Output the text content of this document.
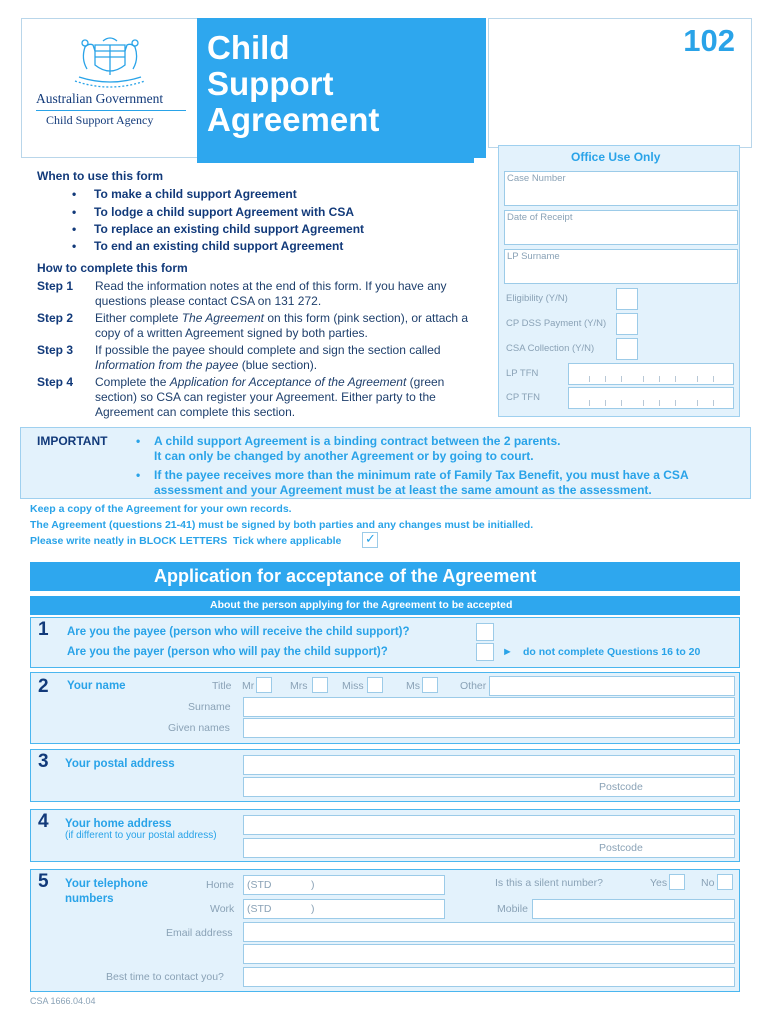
Australian Government
Child Support Agency
Child
Support
Agreement
102
Office Use Only
Case Number
Date of Receipt
LP Surname
Eligibility (Y/N)
CP DSS Payment (Y/N)
CSA Collection (Y/N)
LP TFN
CP TFN
When to use this form
• To make a child support Agreement
• To lodge a child support Agreement with CSA
• To replace an existing child support Agreement
• To end an existing child support Agreement
How to complete this form
Step 1 Read the information notes at the end of this form. If you have any questions please contact CSA on 131 272.
Step 2 Either complete The Agreement on this form (pink section), or attach a copy of a written Agreement signed by both parties.
Step 3 If possible the payee should complete and sign the section called Information from the payee (blue section).
Step 4 Complete the Application for Acceptance of the Agreement (green section) so CSA can register your Agreement. Either party to the Agreement can complete this section.
IMPORTANT • A child support Agreement is a binding contract between the 2 parents.
It can only be changed by another Agreement or by going to court.
• If the payee receives more than the minimum rate of Family Tax Benefit, you must have a CSA
assessment and your Agreement must be at least the same amount as the assessment.
Keep a copy of the Agreement for your own records.
The Agreement (questions 21-41) must be signed by both parties and any changes must be initialled.
Please write neatly in BLOCK LETTERS  Tick where applicable ✓
Application for acceptance of the Agreement
About the person applying for the Agreement to be accepted
1 Are you the payee (person who will receive the child support)?
Are you the payer (person who will pay the child support)?	► do not complete Questions 16 to 20
2 Your name	Title Mr	Mrs	Miss	Ms	Other
Surname
Given names
3 Your postal address
Postcode
4 Your home address
(if different to your postal address)
Postcode
5 Your telephone
numbers
Home (STD	)	Is this a silent number?	Yes	No
Work (STD	)	Mobile
Email address
Best time to contact you?
CSA 1666.04.04
